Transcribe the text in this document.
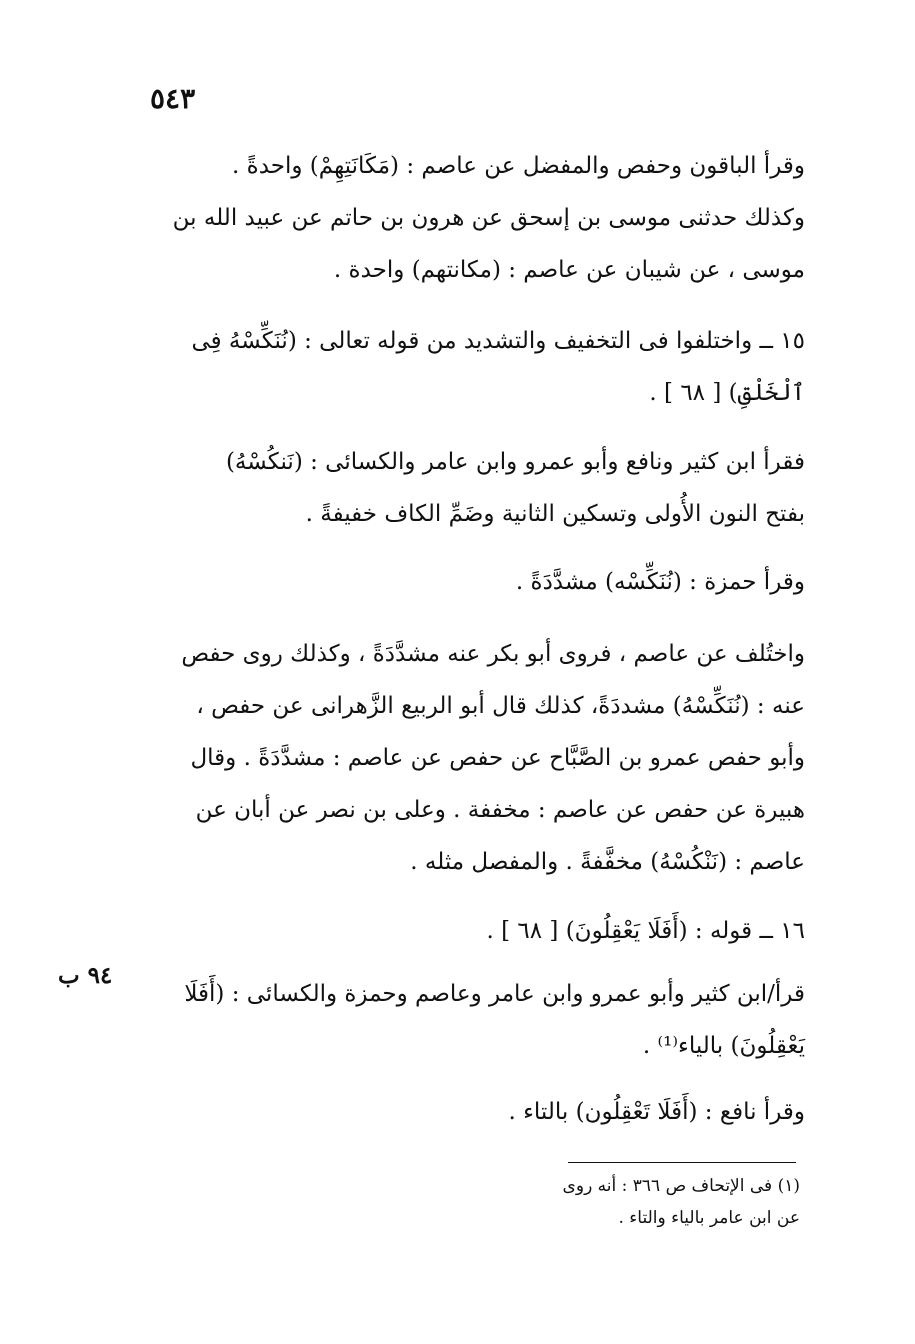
٥٤٣
٩٤ ب

وقرأ الباقون وحفص والمفضل عن عاصم : (مَكَانَتِهِمْ) واحدةً .

وكذلك حدثنى موسى بن إسحق عن هرون بن حاتم عن عبيد الله بن

موسى ، عن شيبان عن عاصم : (مكانتهم) واحدة .

١٥ ــ واختلفوا فى التخفيف والتشديد من قوله تعالى : (نُنَكِّسْهُ فِى

ٱلْخَلْقِ) [ ٦٨ ] .

فقرأ ابن كثير ونافع وأبو عمرو وابن عامر والكسائى : (نَنكُسْهُ)

بفتح النون الأُولى وتسكين الثانية وضَمِّ الكاف خفيفةً .

وقرأ حمزة : (نُنَكِّسْه) مشدَّدَةً .

واختُلف عن عاصم ، فروى أبو بكر عنه مشدَّدَةً ، وكذلك روى حفص

عنه : (نُنَكِّسْهُ) مشددَةً، كذلك قال أبو الربيع الزَّهرانى عن حفص ،

وأبو حفص عمرو بن الصَّبَّاح عن حفص عن عاصم : مشدَّدَةً . وقال

هبيرة عن حفص عن عاصم : مخففة . وعلى بن نصر عن أبان عن

عاصم : (نَنْكُسْهُ) مخفَّفةً . والمفصل مثله .

١٦ ــ قوله : (أَفَلَا يَعْقِلُونَ) [ ٦٨ ] .

قرأ/ابن كثير وأبو عمرو وابن عامر وعاصم وحمزة والكسائى : (أَفَلَا

يَعْقِلُونَ) بالياء⁽¹⁾ .

وقرأ نافع : (أَفَلَا تَعْقِلُون) بالتاء .

(١) فى الإتحاف ص ٣٦٦ : أنه روى

عن ابن عامر بالياء والتاء .
